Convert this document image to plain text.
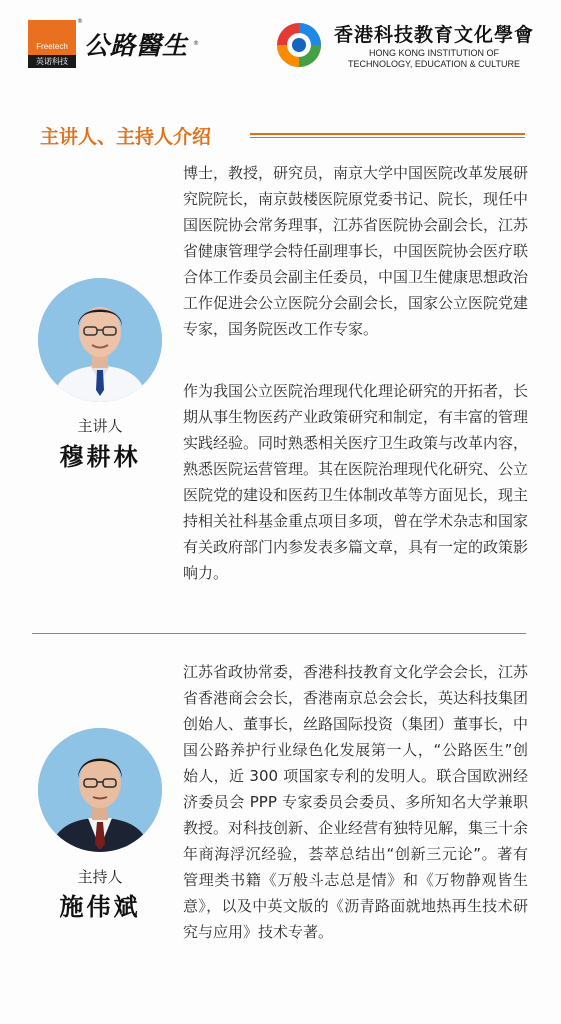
Freetech
英诺科技
®
公路醫生 ®	香港科技教育文化學會
HONG KONG INSTITUTION OF
TECHNOLOGY, EDUCATION & CULTURE
主讲人、主持人介绍
主讲人
穆耕林

博士，教授，研究员，南京大学中国医院改革发展研究院院长，南京鼓楼医院原党委书记、院长，现任中国医院协会常务理事，江苏省医院协会副会长，江苏省健康管理学会特任副理事长，中国医院协会医疗联合体工作委员会副主任委员，中国卫生健康思想政治工作促进会公立医院分会副会长，国家公立医院党建专家，国务院医改工作专家。

作为我国公立医院治理现代化理论研究的开拓者，长期从事生物医药产业政策研究和制定，有丰富的管理实践经验。同时熟悉相关医疗卫生政策与改革内容，熟悉医院运营管理。其在医院治理现代化研究、公立医院党的建设和医药卫生体制改革等方面见长，现主持相关社科基金重点项目多项，曾在学术杂志和国家有关政府部门内参发表多篇文章，具有一定的政策影响力。

主持人
施伟斌

江苏省政协常委，香港科技教育文化学会会长，江苏省香港商会会长，香港南京总会会长，英达科技集团创始人、董事长，丝路国际投资（集团）董事长，中国公路养护行业绿色化发展第一人，“公路医生”创始人，近 300 项国家专利的发明人。联合国欧洲经济委员会 PPP 专家委员会委员、多所知名大学兼职教授。对科技创新、企业经营有独特见解，集三十余年商海浮沉经验，荟萃总结出“创新三元论”。著有管理类书籍《万般斗志总是情》和《万物静观皆生意》，以及中英文版的《沥青路面就地热再生技术研究与应用》技术专著。
